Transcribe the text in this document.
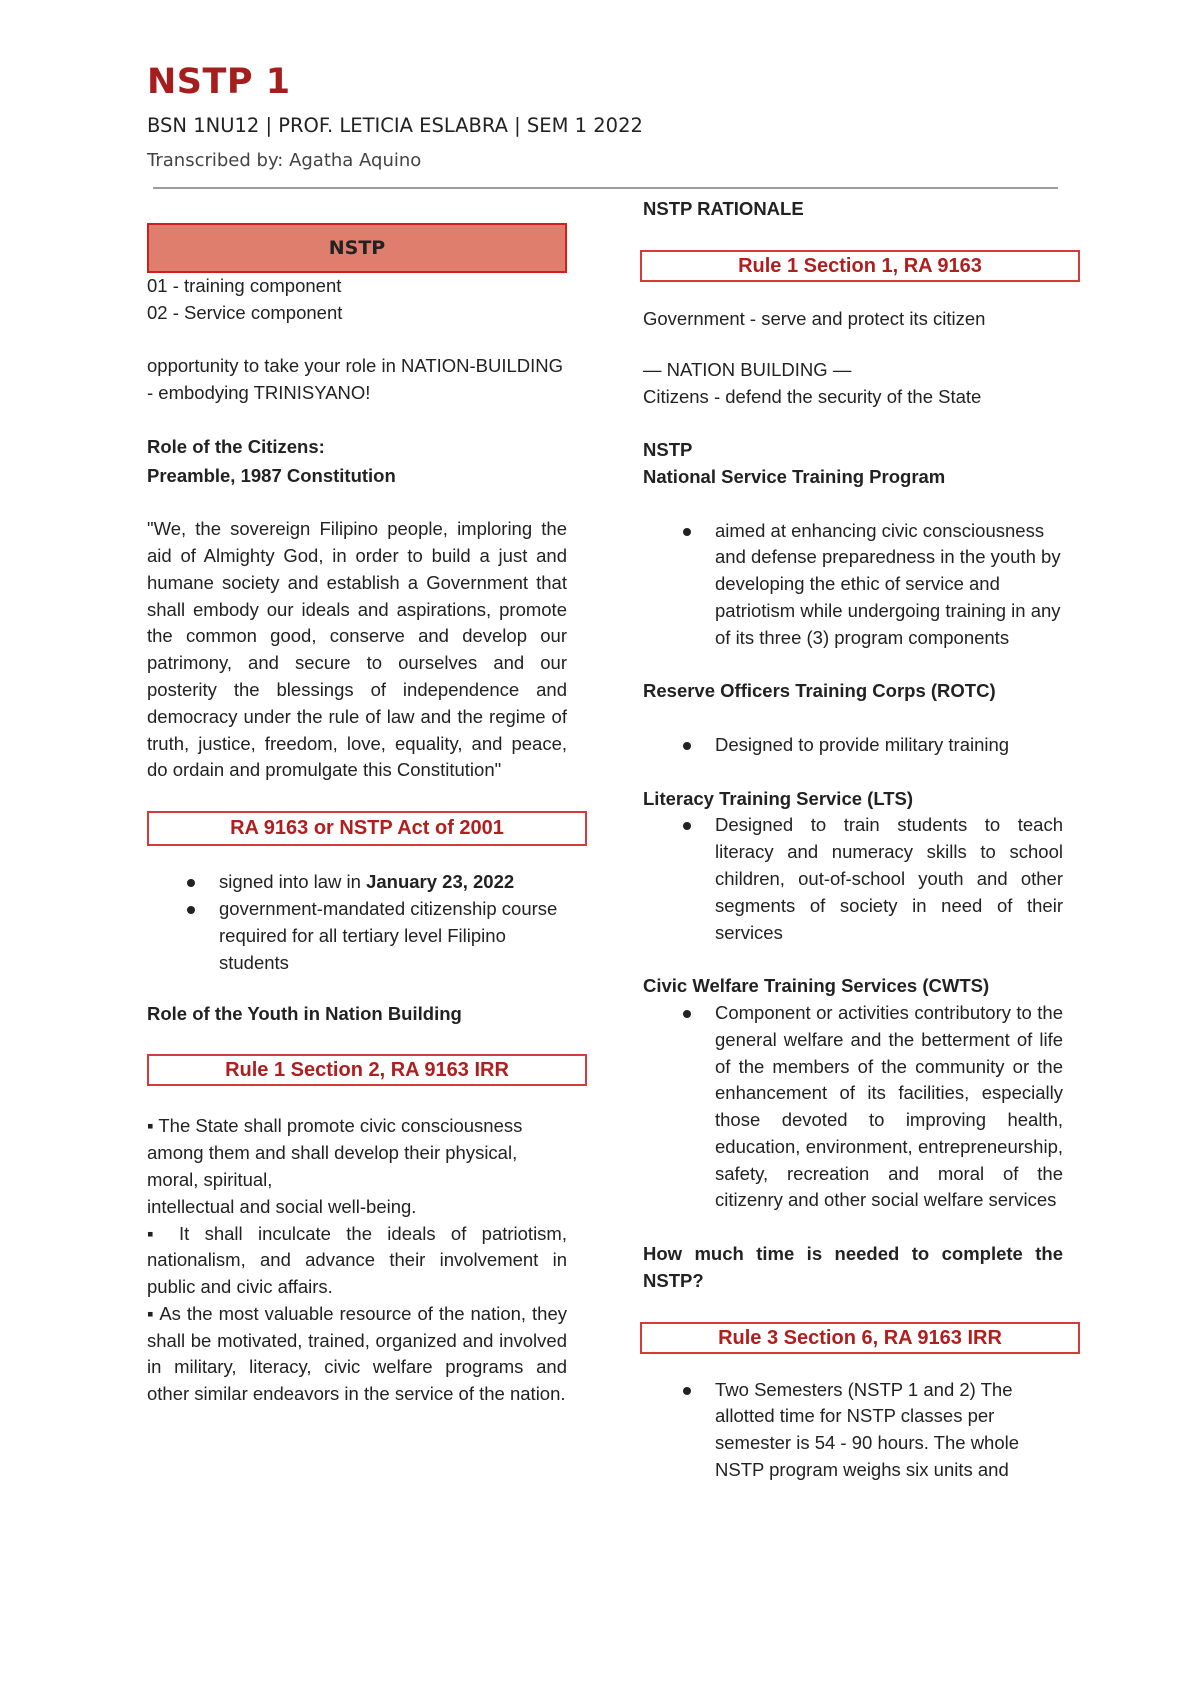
NSTP 1
BSN 1NU12 | PROF. LETICIA ESLABRA | SEM 1 2022
Transcribed by: Agatha Aquino
NSTP

01 - training component

02 - Service component

opportunity to take your role in NATION-BUILDING

- embodying TRINISYANO!

Role of the Citizens:

Preamble, 1987 Constitution

"We, the sovereign Filipino people, imploring the aid of Almighty God, in order to build a just and humane society and establish a Government that shall embody our ideals and aspirations, promote the common good, conserve and develop our patrimony, and secure to ourselves and our posterity the blessings of independence and democracy under the rule of law and the regime of truth, justice, freedom, love, equality, and peace, do ordain and promulgate this Constitution"

RA 9163 or NSTP Act of 2001
signed into law in January 23, 2022
government-mandated citizenship course required for all tertiary level Filipino students

Role of the Youth in Nation Building

Rule 1 Section 2, RA 9163 IRR

▪ The State shall promote civic consciousness among them and shall develop their physical, moral, spiritual,

intellectual and social well-being.

▪ It shall inculcate the ideals of patriotism, nationalism, and advance their involvement in public and civic affairs.

▪ As the most valuable resource of the nation, they shall be motivated, trained, organized and involved in military, literacy, civic welfare programs and other similar endeavors in the service of the nation.

NSTP RATIONALE

Rule 1 Section 1, RA 9163

Government - serve and protect its citizen

— NATION BUILDING —

Citizens - defend the security of the State

NSTP

National Service Training Program

aimed at enhancing civic consciousness and defense preparedness in the youth by developing the ethic of service and patriotism while undergoing training in any of its three (3) program components

Reserve Officers Training Corps (ROTC)

Designed to provide military training

Literacy Training Service (LTS)

Designed to train students to teach literacy and numeracy skills to school children, out-of-school youth and other segments of society in need of their services

Civic Welfare Training Services (CWTS)

Component or activities contributory to the general welfare and the betterment of life of the members of the community or the enhancement of its facilities, especially those devoted to improving health, education, environment, entrepreneurship, safety, recreation and moral of the citizenry and other social welfare services

How much time is needed to complete the NSTP?

Rule 3 Section 6, RA 9163 IRR
Two Semesters (NSTP 1 and 2) The allotted time for NSTP classes per semester is 54 - 90 hours. The whole NSTP program weighs six units and
